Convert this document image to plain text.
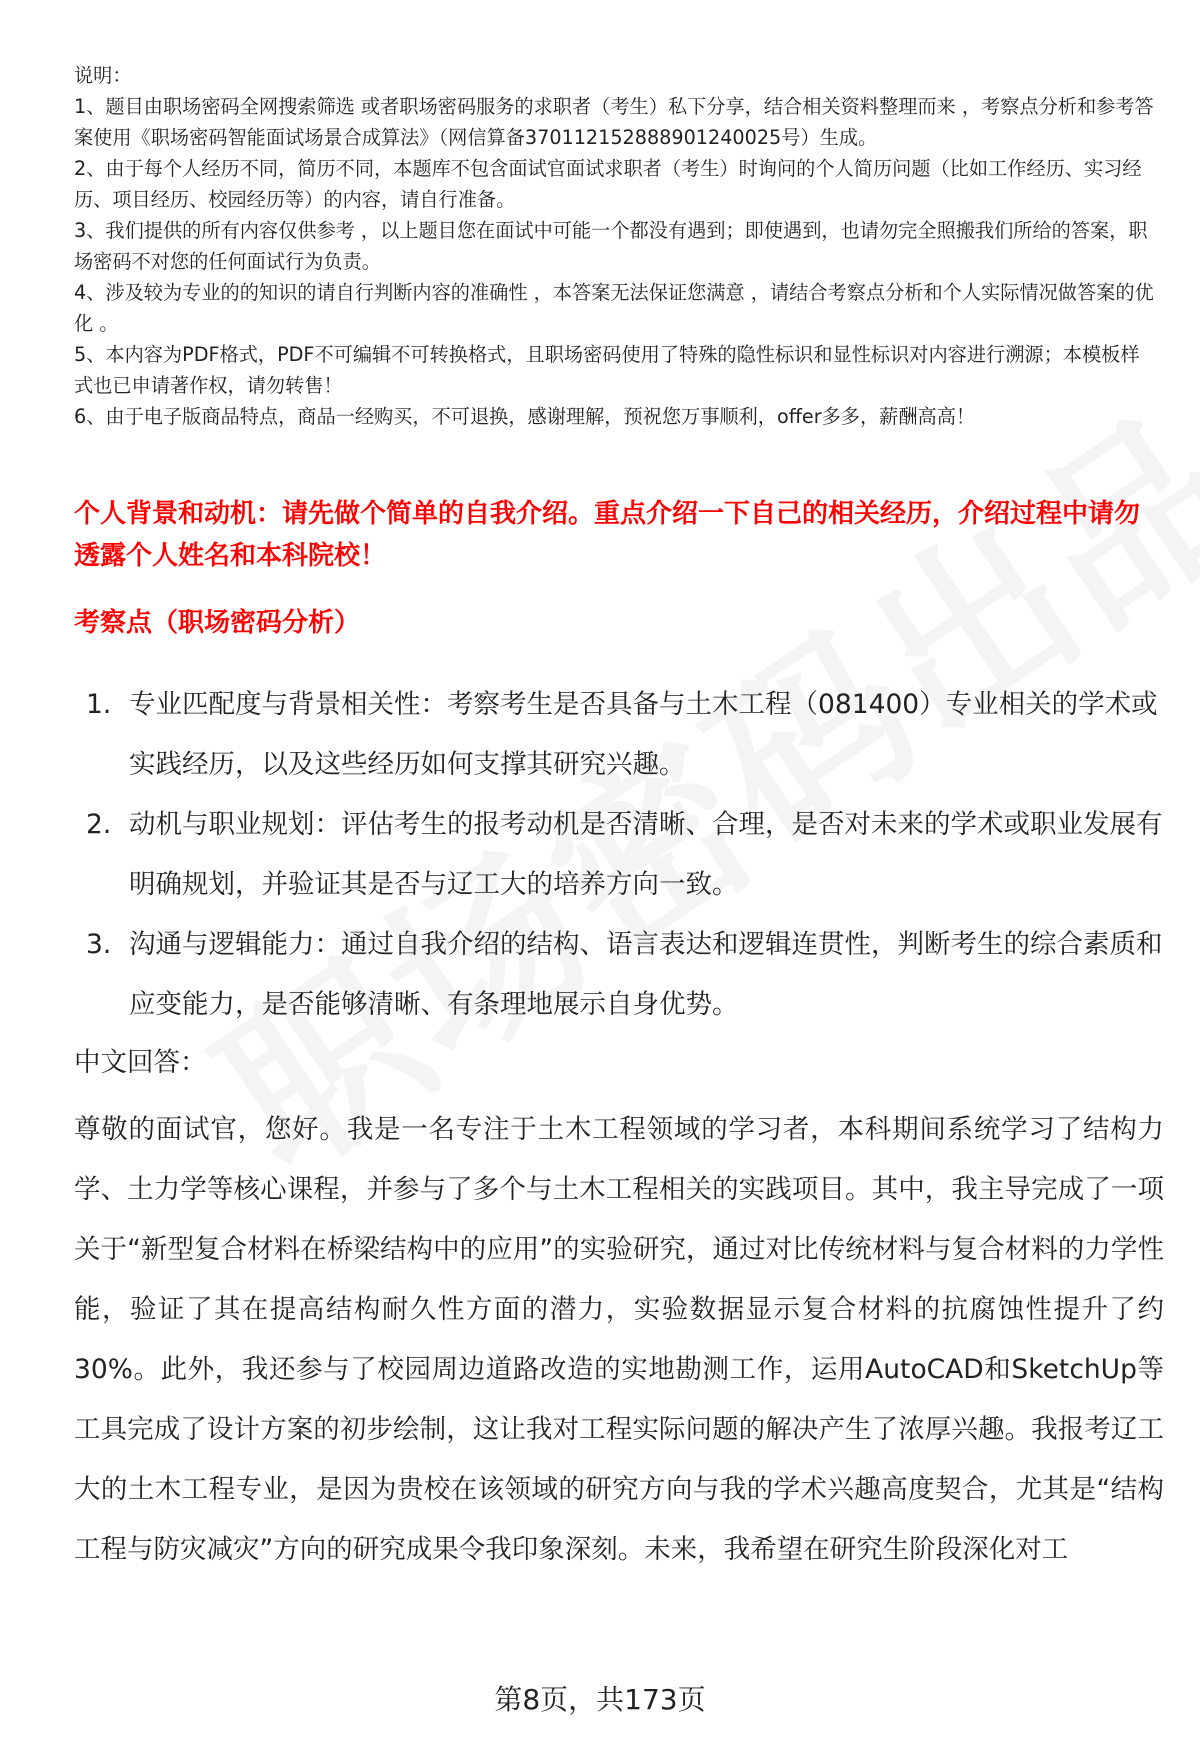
说明：

1、题目由职场密码全网搜索筛选 或者职场密码服务的求职者（考生）私下分享，结合相关资料整理而来 ，考察点分析和参考答案使用《职场密码智能面试场景合成算法》（网信算备370112152888901240025号）生成。

2、由于每个人经历不同，简历不同，本题库不包含面试官面试求职者（考生）时询问的个人简历问题（比如工作经历、实习经历、项目经历、校园经历等）的内容，请自行准备。

3、我们提供的所有内容仅供参考 ，以上题目您在面试中可能一个都没有遇到；即使遇到，也请勿完全照搬我们所给的答案，职场密码不对您的任何面试行为负责。

4、涉及较为专业的的知识的请自行判断内容的准确性 ，本答案无法保证您满意 ，请结合考察点分析和个人实际情况做答案的优化 。

5、本内容为PDF格式，PDF不可编辑不可转换格式，且职场密码使用了特殊的隐性标识和显性标识对内容进行溯源；本模板样式也已申请著作权，请勿转售！

6、由于电子版商品特点，商品一经购买，不可退换，感谢理解，预祝您万事顺利，offer多多，薪酬高高！

个人背景和动机：请先做个简单的自我介绍。重点介绍一下自己的相关经历，介绍过程中请勿透露个人姓名和本科院校！
考察点（职场密码分析）
1. 专业匹配度与背景相关性：考察考生是否具备与土木工程（081400）专业相关的学术或实践经历，以及这些经历如何支撑其研究兴趣。
2. 动机与职业规划：评估考生的报考动机是否清晰、合理，是否对未来的学术或职业发展有明确规划，并验证其是否与辽工大的培养方向一致。
3. 沟通与逻辑能力：通过自我介绍的结构、语言表达和逻辑连贯性，判断考生的综合素质和应变能力，是否能够清晰、有条理地展示自身优势。
中文回答：
尊敬的面试官，您好。我是一名专注于土木工程领域的学习者，本科期间系统学习了结构力学、土力学等核心课程，并参与了多个与土木工程相关的实践项目。其中，我主导完成了一项关于“新型复合材料在桥梁结构中的应用”的实验研究，通过对比传统材料与复合材料的力学性能，验证了其在提高结构耐久性方面的潜力，实验数据显示复合材料的抗腐蚀性提升了约30%。此外，我还参与了校园周边道路改造的实地勘测工作，运用AutoCAD和SketchUp等工具完成了设计方案的初步绘制，这让我对工程实际问题的解决产生了浓厚兴趣。我报考辽工大的土木工程专业，是因为贵校在该领域的研究方向与我的学术兴趣高度契合，尤其是“结构工程与防灾减灾”方向的研究成果令我印象深刻。未来，我希望在研究生阶段深化对工
第8页，共173页
